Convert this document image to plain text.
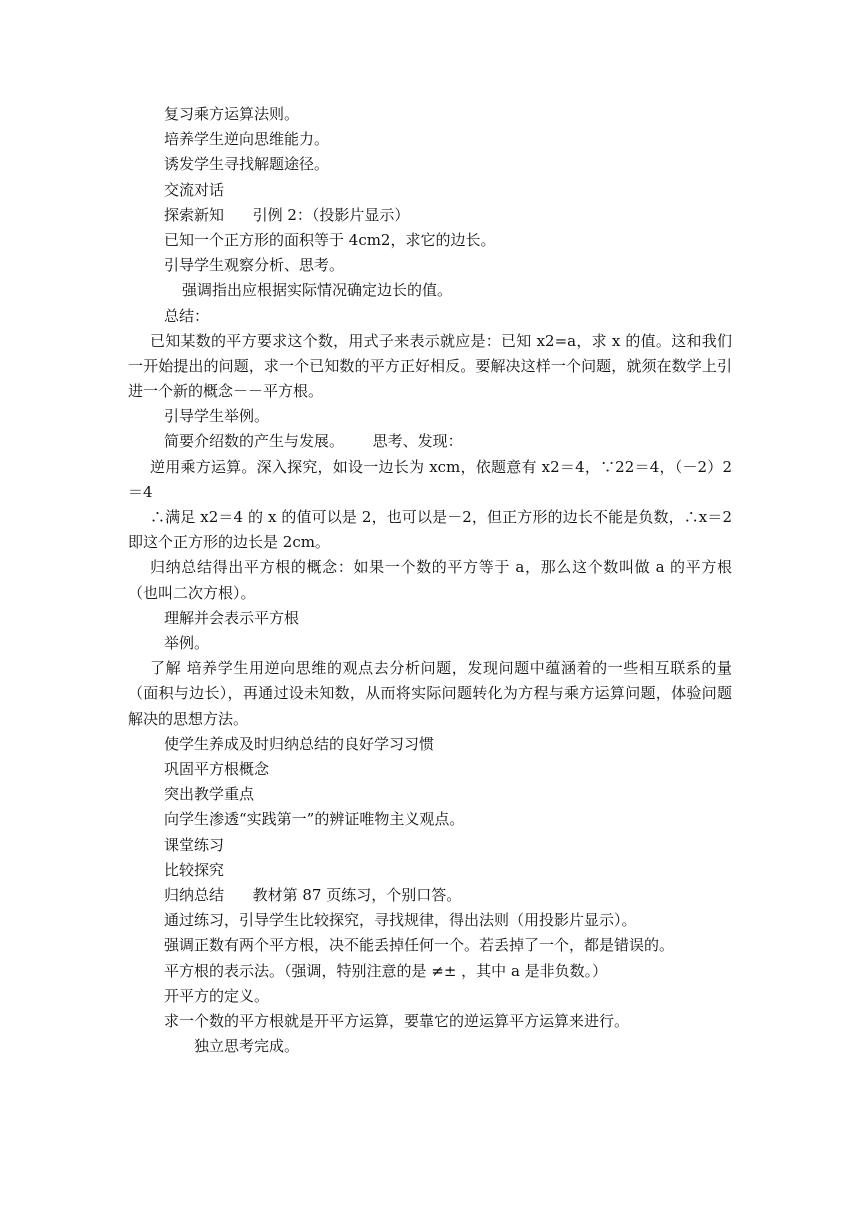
复习乘方运算法则。
培养学生逆向思维能力。
诱发学生寻找解题途径。
交流对话
探索新知      引例 2：（投影片显示）
已知一个正方形的面积等于 4cm2，求它的边长。
引导学生观察分析、思考。
强调指出应根据实际情况确定边长的值。
总结：
已知某数的平方要求这个数，用式子来表示就应是：已知 x2=a，求 x 的值。这和我们一开始提出的问题，求一个已知数的平方正好相反。要解决这样一个问题，就须在数学上引进一个新的概念－－平方根。
引导学生举例。
简要介绍数的产生与发展。      思考、发现：
逆用乘方运算。深入探究，如设一边长为 xcm，依题意有 x2＝4，∵22＝4，（－2）2＝4
∴满足 x2＝4 的 x 的值可以是 2，也可以是－2，但正方形的边长不能是负数，∴x＝2 即这个正方形的边长是 2cm。
归纳总结得出平方根的概念：如果一个数的平方等于 a，那么这个数叫做 a 的平方根（也叫二次方根）。
理解并会表示平方根
举例。
了解 培养学生用逆向思维的观点去分析问题，发现问题中蕴涵着的一些相互联系的量（面积与边长），再通过设未知数，从而将实际问题转化为方程与乘方运算问题，体验问题解决的思想方法。
使学生养成及时归纳总结的良好学习习惯
巩固平方根概念
突出教学重点
向学生渗透“实践第一”的辨证唯物主义观点。
课堂练习
比较探究
归纳总结      教材第 87 页练习，个别口答。
通过练习，引导学生比较探究，寻找规律，得出法则（用投影片显示）。
强调正数有两个平方根，决不能丢掉任何一个。若丢掉了一个，都是错误的。
平方根的表示法。（强调，特别注意的是 ≠± ，其中 a 是非负数。）
开平方的定义。
求一个数的平方根就是开平方运算，要靠它的逆运算平方运算来进行。
独立思考完成。
